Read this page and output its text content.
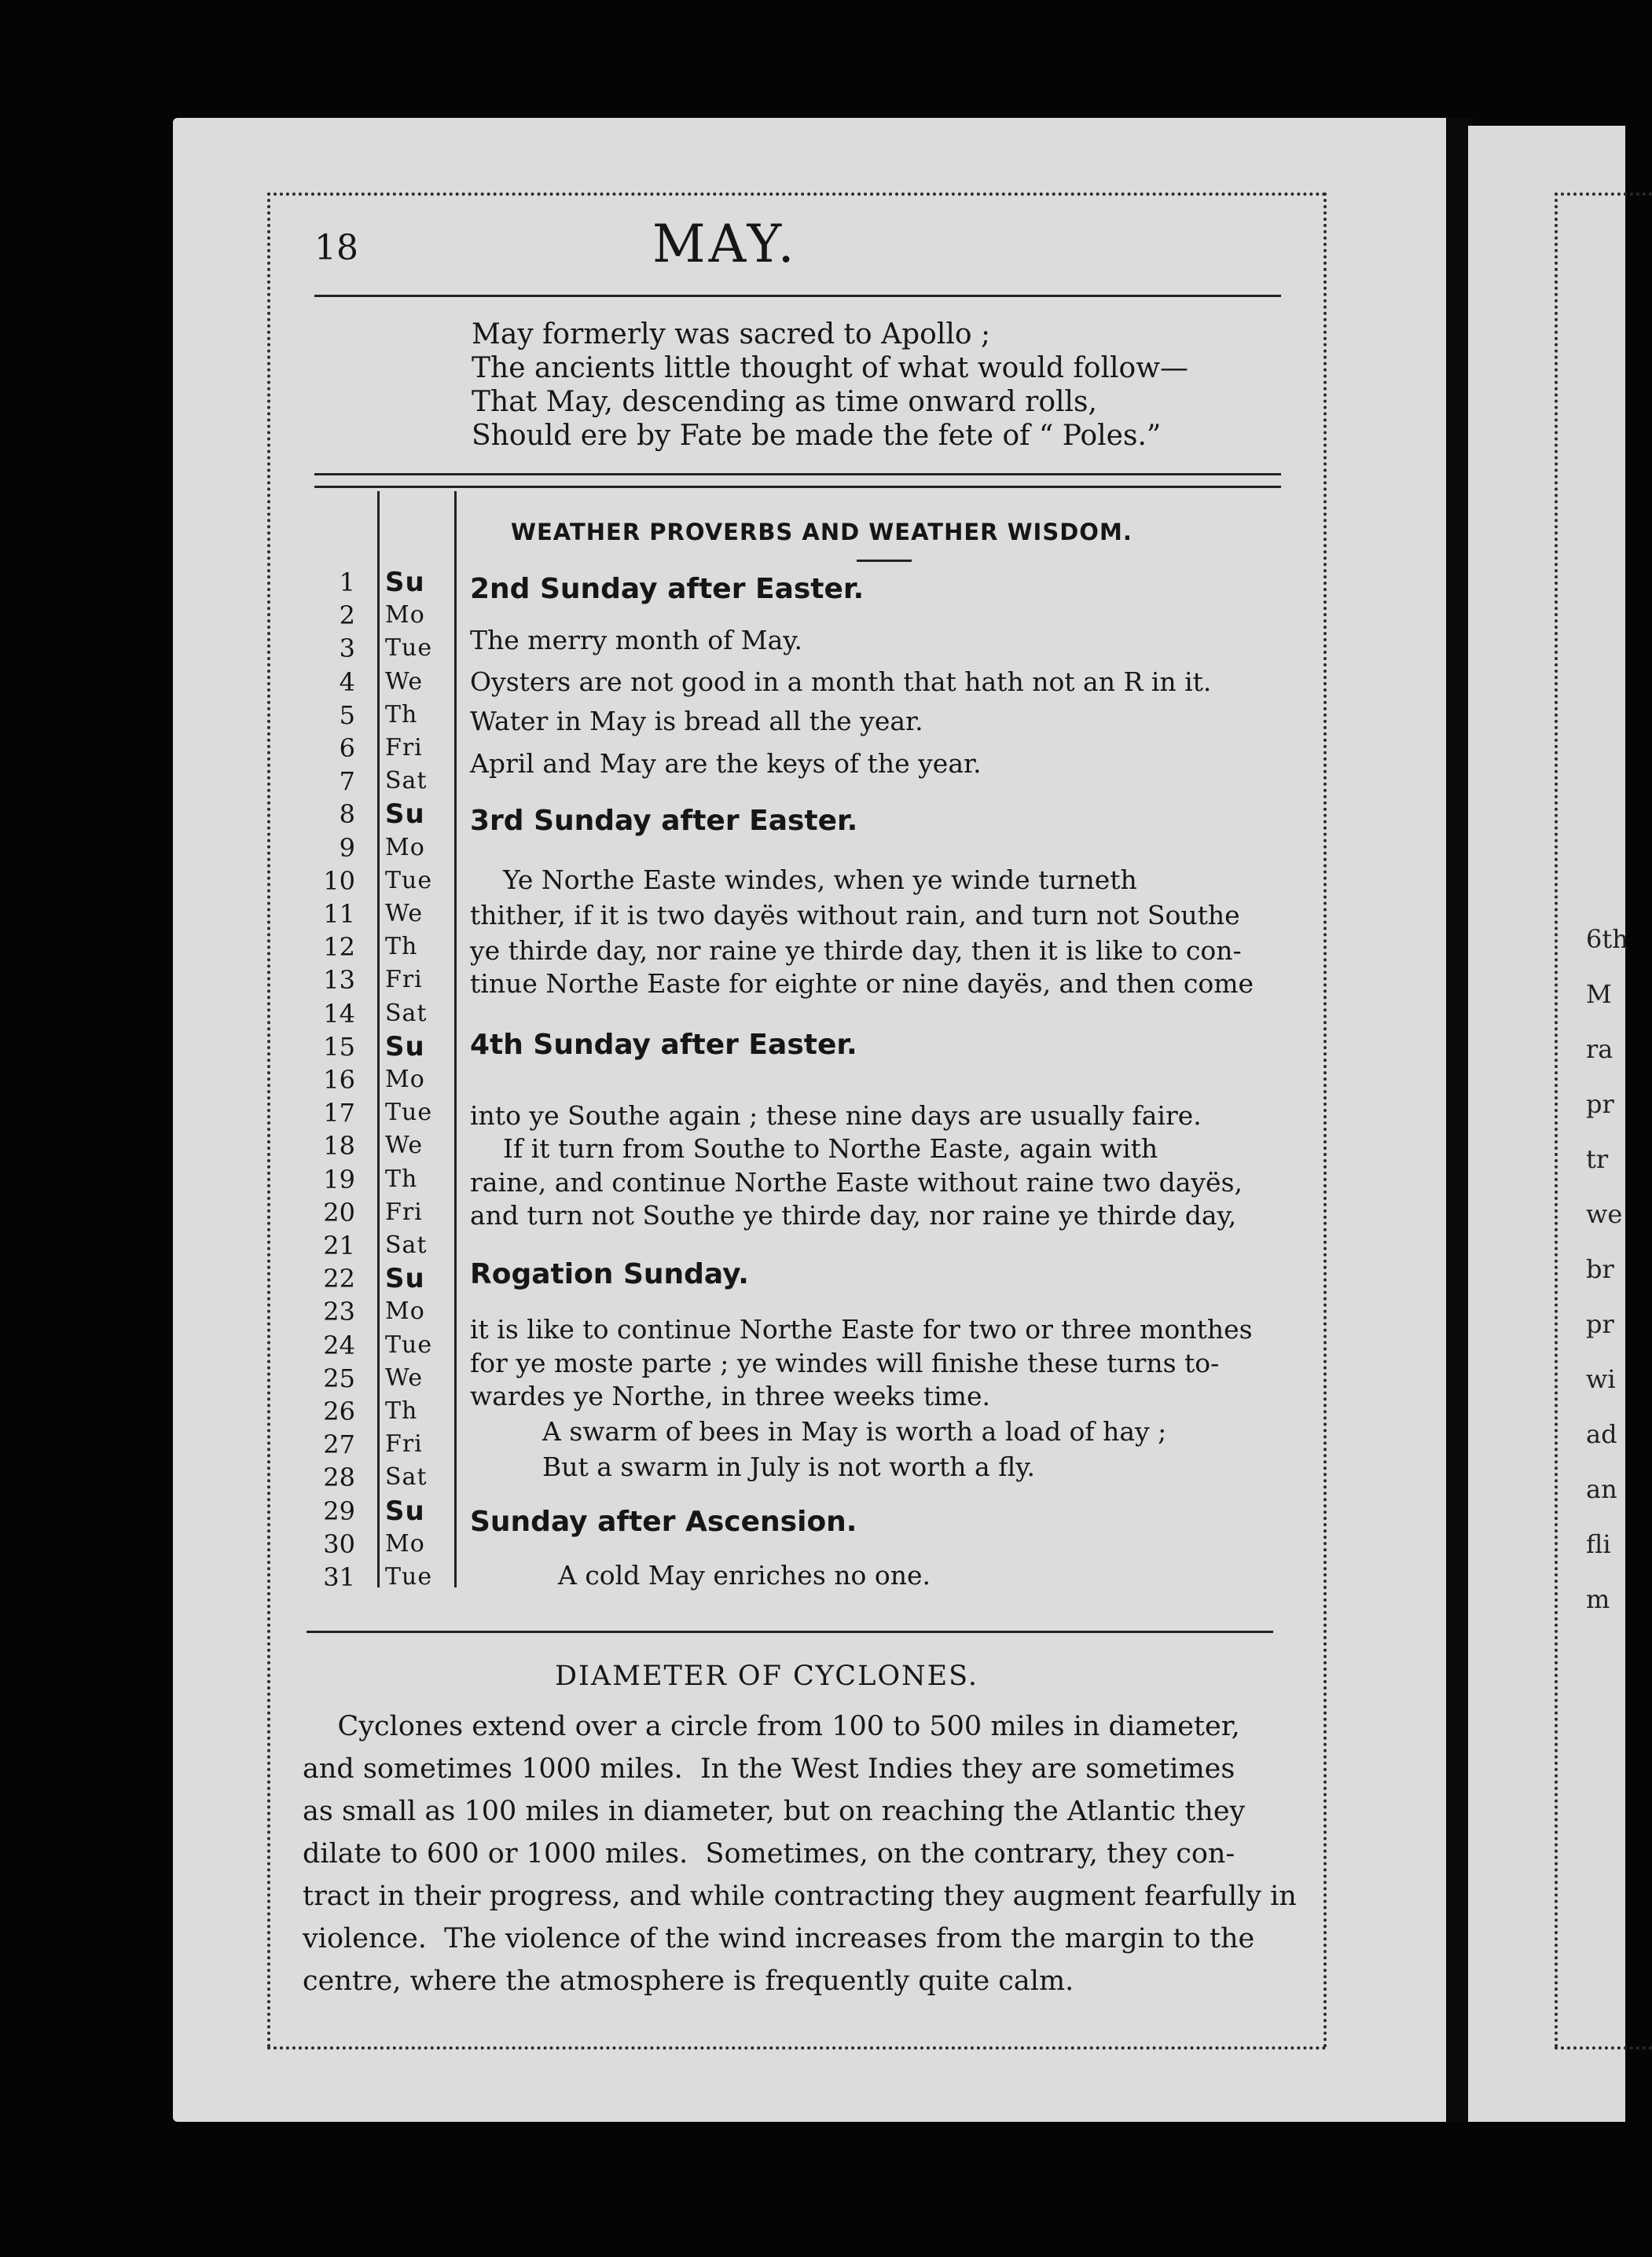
18	MAY.
May formerly was sacred to Apollo ;
The ancients little thought of what would follow—
That May, descending as time onward rolls,
Should ere by Fate be made the fete of “ Poles.”
WEATHER PROVERBS AND WEATHER WISDOM.
1 Su
2 Mo
3 Tue
4 We
5 Th
6 Fri
7 Sat
8 Su
9 Mo
10 Tue
11 We
12 Th
13 Fri
14 Sat
15 Su
16 Mo
17 Tue
18 We
19 Th
20 Fri
21 Sat
22 Su
23 Mo
24 Tue
25 We
26 Th
27 Fri
28 Sat
29 Su
30 Mo
31 Tue
2nd Sunday after Easter.
The merry month of May.
Oysters are not good in a month that hath not an R in it.
Water in May is bread all the year.
April and May are the keys of the year.
3rd Sunday after Easter.
Ye Northe Easte windes, when ye winde turneth
thither, if it is two dayës without rain, and turn not Southe
ye thirde day, nor raine ye thirde day, then it is like to con-
tinue Northe Easte for eighte or nine dayës, and then come
4th Sunday after Easter.
into ye Southe again ; these nine days are usually faire.
If it turn from Southe to Northe Easte, again with
raine, and continue Northe Easte without raine two dayës,
and turn not Southe ye thirde day, nor raine ye thirde day,
Rogation Sunday.
it is like to continue Northe Easte for two or three monthes
for ye moste parte ; ye windes will finishe these turns to-
wardes ye Northe, in three weeks time.
A swarm of bees in May is worth a load of hay ;
But a swarm in July is not worth a fly.
Sunday after Ascension.
A cold May enriches no one.
DIAMETER OF CYCLONES.
Cyclones extend over a circle from 100 to 500 miles in diameter,
and sometimes 1000 miles.  In the West Indies they are sometimes
as small as 100 miles in diameter, but on reaching the Atlantic they
dilate to 600 or 1000 miles.  Sometimes, on the contrary, they con-
tract in their progress, and while contracting they augment fearfully in
violence.  The violence of the wind increases from the margin to the
centre, where the atmosphere is frequently quite calm.
6th
M
ra
pr
tr
we
br
pr
wi
ad
an
fli
m
